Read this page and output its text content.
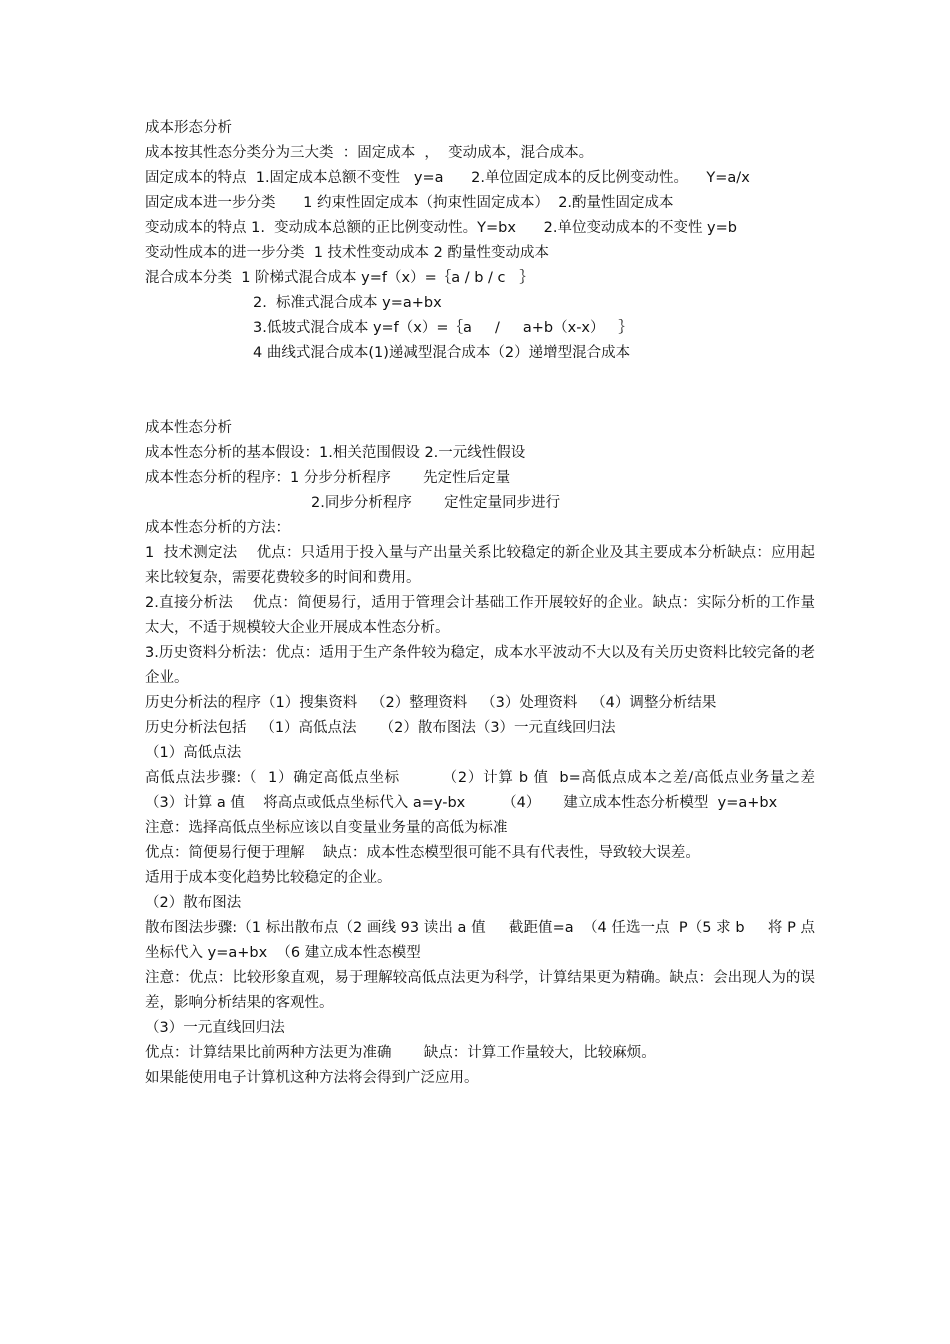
成本形态分析

成本按其性态分类分为三大类  ：固定成本  ，  变动成本，混合成本。

固定成本的特点  1.固定成本总额不变性   y=a      2.单位固定成本的反比例变动性。    Y=a/x

固定成本进一步分类      1 约束性固定成本（拘束性固定成本）  2.酌量性固定成本

变动成本的特点 1.  变动成本总额的正比例变动性。Y=bx      2.单位变动成本的不变性 y=b

变动性成本的进一步分类  1 技术性变动成本 2 酌量性变动成本

混合成本分类  1 阶梯式混合成本 y=f（x）=｛a / b / c   ｝

2.  标准式混合成本 y=a+bx

3.低坡式混合成本 y=f（x）=｛a     /     a+b（x-x）   ｝

4 曲线式混合成本(1)递减型混合成本（2）递增型混合成本

成本性态分析

成本性态分析的基本假设：1.相关范围假设 2.一元线性假设

成本性态分析的程序：1 分步分析程序       先定性后定量

2.同步分析程序       定性定量同步进行

成本性态分析的方法：

1  技术测定法    优点：只适用于投入量与产出量关系比较稳定的新企业及其主要成本分析缺点：应用起来比较复杂，需要花费较多的时间和费用。

2.直接分析法    优点：简便易行，适用于管理会计基础工作开展较好的企业。缺点：实际分析的工作量太大，不适于规模较大企业开展成本性态分析。

3.历史资料分析法：优点：适用于生产条件较为稳定，成本水平波动不大以及有关历史资料比较完备的老企业。

历史分析法的程序（1）搜集资料   （2）整理资料   （3）处理资料   （4）调整分析结果

历史分析法包括   （1）高低点法     （2）散布图法（3）一元直线回归法

（1）高低点法

高低点法步骤:（  1）确定高低点坐标        （2）计算 b 值  b=高低点成本之差/高低点业务量之差           （3）计算 a 值    将高点或低点坐标代入 a=y-bx        （4）     建立成本性态分析模型  y=a+bx

注意：选择高低点坐标应该以自变量业务量的高低为标准

优点：简便易行便于理解    缺点：成本性态模型很可能不具有代表性，导致较大误差。

适用于成本变化趋势比较稳定的企业。

（2）散布图法

散布图法步骤:（1 标出散布点（2 画线 93 读出 a 值     截距值=a  （4 任选一点  P（5 求 b     将 P 点坐标代入 y=a+bx  （6 建立成本性态模型

注意：优点：比较形象直观，易于理解较高低点法更为科学，计算结果更为精确。缺点：会出现人为的误差，影响分析结果的客观性。

（3）一元直线回归法

优点：计算结果比前两种方法更为准确       缺点：计算工作量较大，比较麻烦。

如果能使用电子计算机这种方法将会得到广泛应用。
